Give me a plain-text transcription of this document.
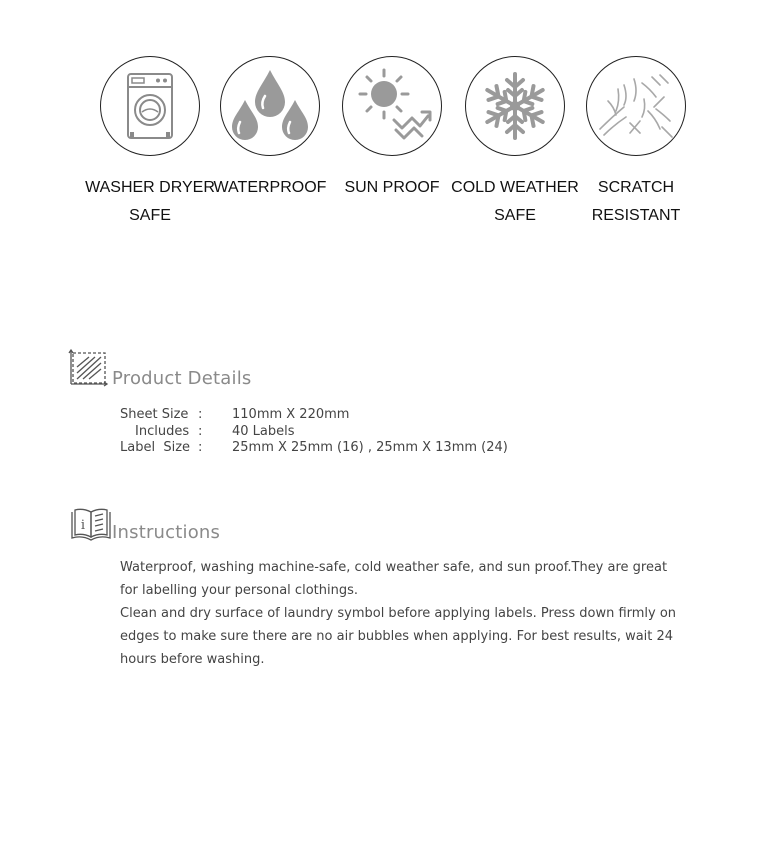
WASHER DRYER
SAFE
WATERPROOF	SUN PROOF COLD WEATHER
SAFE
SCRATCH
RESISTANT
Product Details
Sheet Size :	110mm X 220mm
Includes :	40 Labels
Label  Size :	25mm X 25mm (16) , 25mm X 13mm (24)
i Instructions

Waterproof, washing machine-safe, cold weather safe, and sun proof.They are great for labelling your personal clothings.

Clean and dry surface of laundry symbol before applying labels. Press down firmly on edges to make sure there are no air bubbles when applying. For best results, wait 24 hours before washing.
